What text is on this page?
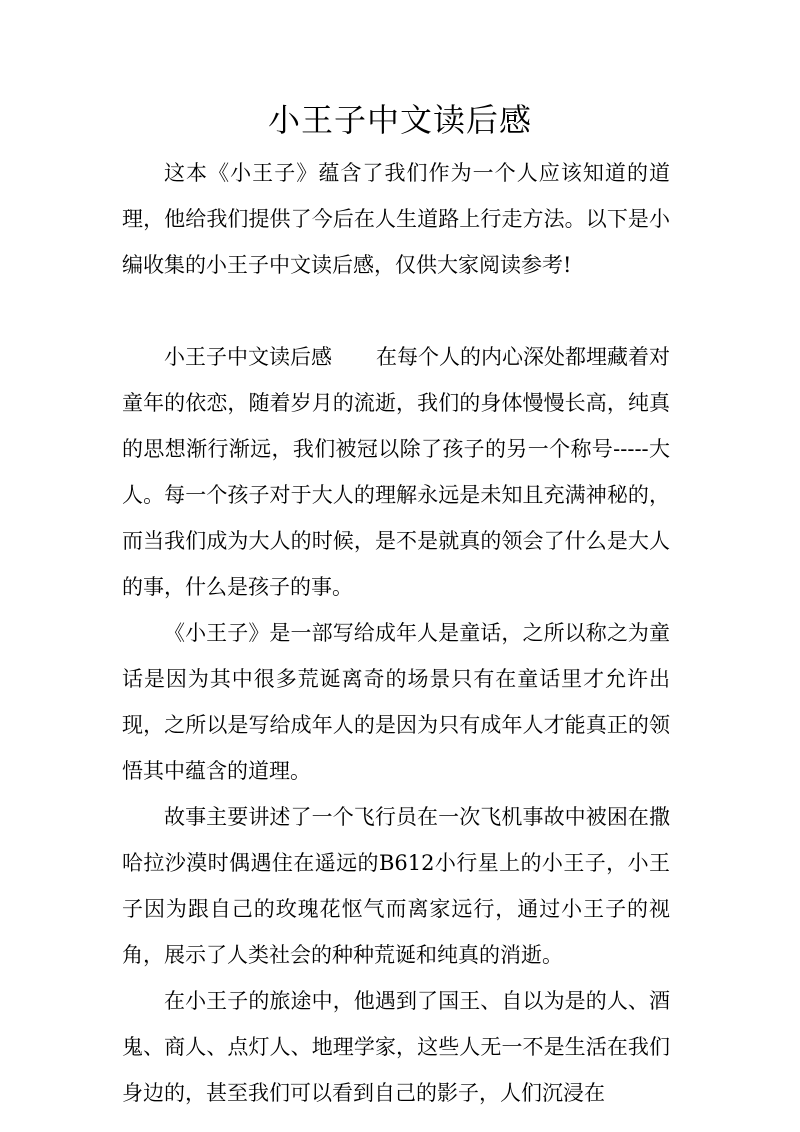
小王子中文读后感

这本《小王子》蕴含了我们作为一个人应该知道的道理，他给我们提供了今后在人生道路上行走方法。以下是小编收集的小王子中文读后感，仅供大家阅读参考!

小王子中文读后感 在每个人的内心深处都埋藏着对童年的依恋，随着岁月的流逝，我们的身体慢慢长高，纯真的思想渐行渐远，我们被冠以除了孩子的另一个称号-----大人。每一个孩子对于大人的理解永远是未知且充满神秘的，而当我们成为大人的时候，是不是就真的领会了什么是大人的事，什么是孩子的事。

《小王子》是一部写给成年人是童话，之所以称之为童话是因为其中很多荒诞离奇的场景只有在童话里才允许出现，之所以是写给成年人的是因为只有成年人才能真正的领悟其中蕴含的道理。

故事主要讲述了一个飞行员在一次飞机事故中被困在撒哈拉沙漠时偶遇住在遥远的B612小行星上的小王子，小王子因为跟自己的玫瑰花怄气而离家远行，通过小王子的视角，展示了人类社会的种种荒诞和纯真的消逝。

在小王子的旅途中，他遇到了国王、自以为是的人、酒鬼、商人、点灯人、地理学家，这些人无一不是生活在我们身边的，甚至我们可以看到自己的影子，人们沉浸在
